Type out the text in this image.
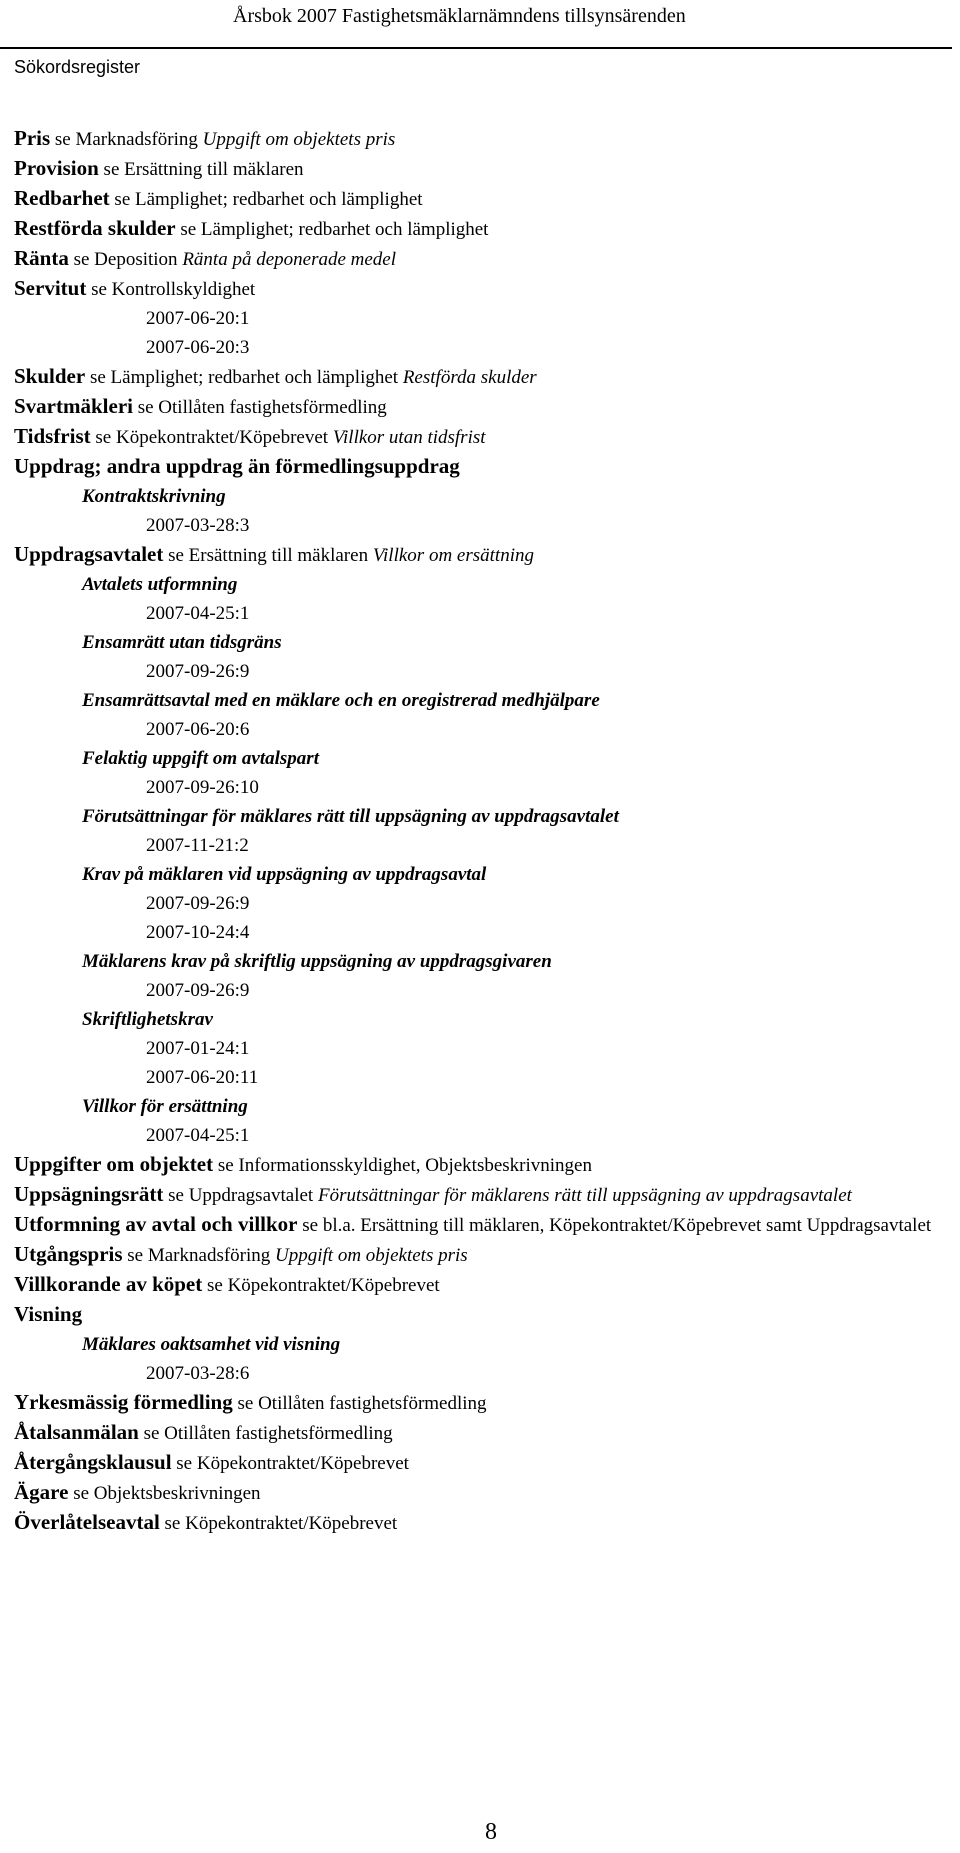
Årsbok 2007 Fastighetsmäklarnämndens tillsynsärenden
Sökordsregister
Pris se Marknadsföring Uppgift om objektets pris
Provision se Ersättning till mäklaren
Redbarhet se Lämplighet; redbarhet och lämplighet
Restförda skulder se Lämplighet; redbarhet och lämplighet
Ränta se Deposition Ränta på deponerade medel
Servitut se Kontrollskyldighet
2007-06-20:1
2007-06-20:3
Skulder se Lämplighet; redbarhet och lämplighet Restförda skulder
Svartmäkleri se Otillåten fastighetsförmedling
Tidsfrist se Köpekontraktet/Köpebrevet Villkor utan tidsfrist
Uppdrag; andra uppdrag än förmedlingsuppdrag
Kontraktskrivning
2007-03-28:3
Uppdragsavtalet se Ersättning till mäklaren Villkor om ersättning
Avtalets utformning
2007-04-25:1
Ensamrätt utan tidsgräns
2007-09-26:9
Ensamrättsavtal med en mäklare och en oregistrerad medhjälpare
2007-06-20:6
Felaktig uppgift om avtalspart
2007-09-26:10
Förutsättningar för mäklares rätt till uppsägning av uppdragsavtalet
2007-11-21:2
Krav på mäklaren vid uppsägning av uppdragsavtal
2007-09-26:9
2007-10-24:4
Mäklarens krav på skriftlig uppsägning av uppdragsgivaren
2007-09-26:9
Skriftlighetskrav
2007-01-24:1
2007-06-20:11
Villkor för ersättning
2007-04-25:1
Uppgifter om objektet se Informationsskyldighet, Objektsbeskrivningen
Uppsägningsrätt se Uppdragsavtalet Förutsättningar för mäklarens rätt till uppsägning av uppdragsavtalet
Utformning av avtal och villkor se bl.a. Ersättning till mäklaren, Köpekontraktet/Köpebrevet samt Uppdragsavtalet
Utgångspris se Marknadsföring Uppgift om objektets pris
Villkorande av köpet se Köpekontraktet/Köpebrevet
Visning
Mäklares oaktsamhet vid visning
2007-03-28:6
Yrkesmässig förmedling se Otillåten fastighetsförmedling
Åtalsanmälan se Otillåten fastighetsförmedling
Återgångsklausul se Köpekontraktet/Köpebrevet
Ägare se Objektsbeskrivningen
Överlåtelseavtal se Köpekontraktet/Köpebrevet
8
